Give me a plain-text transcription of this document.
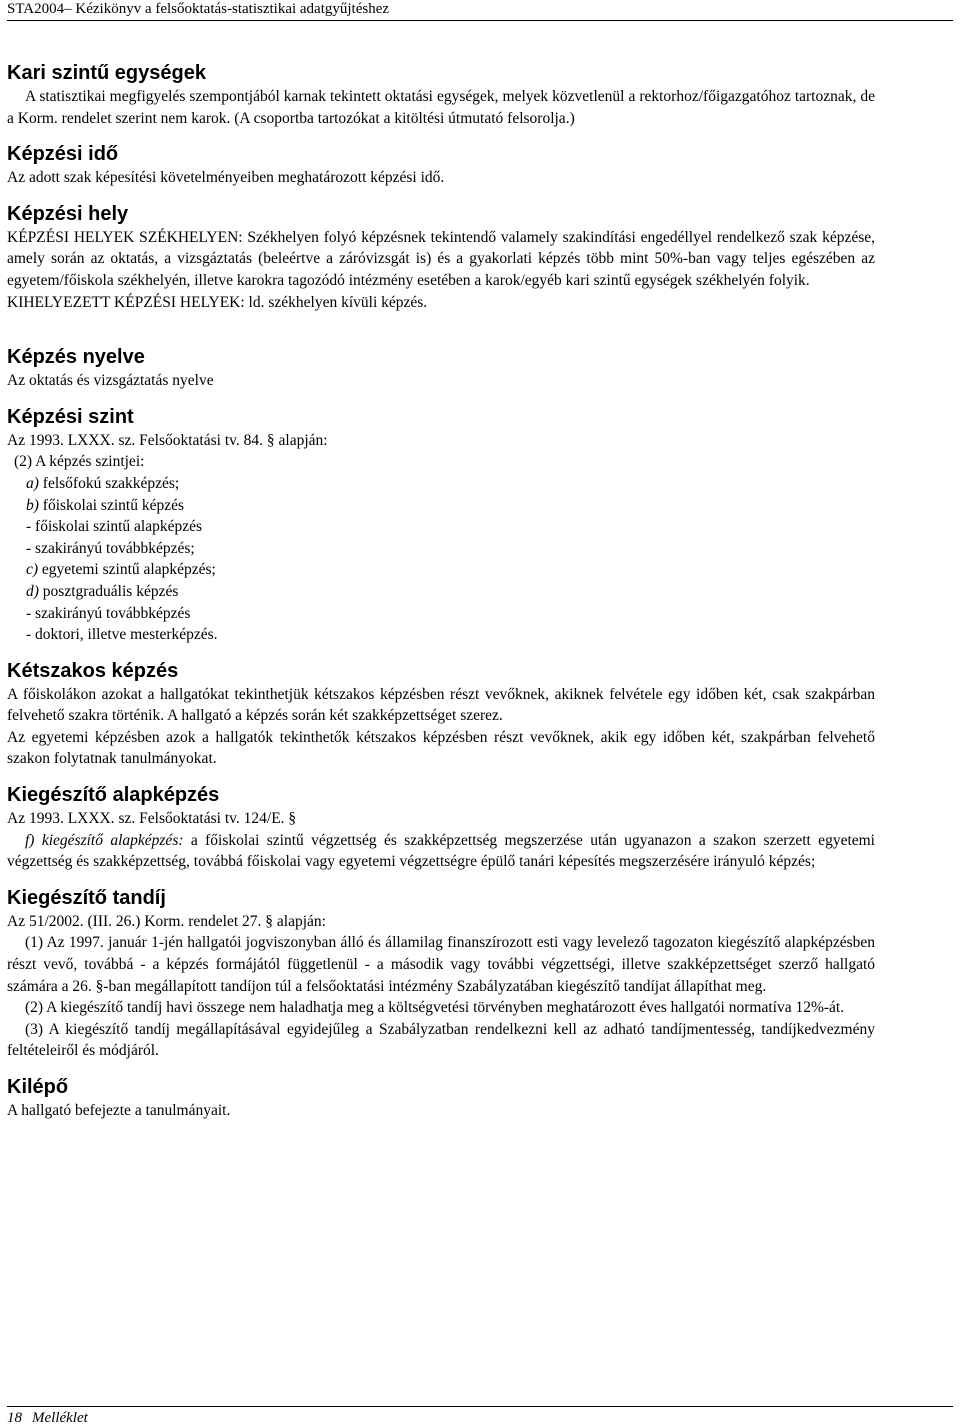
STA2004– Kézikönyv a felsőoktatás-statisztikai adatgyűjtéshez
Kari szintű egységek

A statisztikai megfigyelés szempontjából karnak tekintett oktatási egységek, melyek közvetlenül a rektorhoz/főigazgatóhoz tartoznak, de a Korm. rendelet szerint nem karok. (A csoportba tartozókat a kitöltési útmutató felsorolja.)

Képzési idő

Az adott szak képesítési követelményeiben meghatározott képzési idő.

Képzési hely

KÉPZÉSI HELYEK SZÉKHELYEN: Székhelyen folyó képzésnek tekintendő valamely szakindítási engedéllyel rendelkező szak képzése, amely során az oktatás, a vizsgáztatás (beleértve a záróvizsgát is) és a gyakorlati képzés több mint 50%-ban vagy teljes egészében az egyetem/főiskola székhelyén, illetve karokra tagozódó intézmény esetében a karok/egyéb kari szintű egységek székhelyén folyik.

KIHELYEZETT KÉPZÉSI HELYEK: ld. székhelyen kívüli képzés.

Képzés nyelve

Az oktatás és vizsgáztatás nyelve

Képzési szint

Az 1993. LXXX. sz. Felsőoktatási tv. 84. § alapján:

(2) A képzés szintjei:

a) felsőfokú szakképzés;

b) főiskolai szintű képzés

- főiskolai szintű alapképzés

- szakirányú továbbképzés;

c) egyetemi szintű alapképzés;

d) posztgraduális képzés

- szakirányú továbbképzés

- doktori, illetve mesterképzés.

Kétszakos képzés

A főiskolákon azokat a hallgatókat tekinthetjük kétszakos képzésben részt vevőknek, akiknek felvétele egy időben két, csak szakpárban felvehető szakra történik. A hallgató a képzés során két szakképzettséget szerez.

Az egyetemi képzésben azok a hallgatók tekinthetők kétszakos képzésben részt vevőknek, akik egy időben két, szakpárban felvehető szakon folytatnak tanulmányokat.

Kiegészítő alapképzés

Az 1993. LXXX. sz. Felsőoktatási tv. 124/E. §

f) kiegészítő alapképzés: a főiskolai szintű végzettség és szakképzettség megszerzése után ugyanazon a szakon szerzett egyetemi végzettség és szakképzettség, továbbá főiskolai vagy egyetemi végzettségre épülő tanári képesítés megszerzésére irányuló képzés;

Kiegészítő tandíj

Az 51/2002. (III. 26.) Korm. rendelet 27. § alapján:

(1) Az 1997. január 1-jén hallgatói jogviszonyban álló és államilag finanszírozott esti vagy levelező tagozaton kiegészítő alapképzésben részt vevő, továbbá - a képzés formájától függetlenül - a második vagy további végzettségi, illetve szakképzettséget szerző hallgató számára a 26. §-ban megállapított tandíjon túl a felsőoktatási intézmény Szabályzatában kiegészítő tandíjat állapíthat meg.

(2) A kiegészítő tandíj havi összege nem haladhatja meg a költségvetési törvényben meghatározott éves hallgatói normatíva 12%-át.

(3) A kiegészítő tandíj megállapításával egyidejűleg a Szabályzatban rendelkezni kell az adható tandíjmentesség, tandíjkedvezmény feltételeiről és módjáról.

Kilépő

A hallgató befejezte a tanulmányait.

18 Melléklet
